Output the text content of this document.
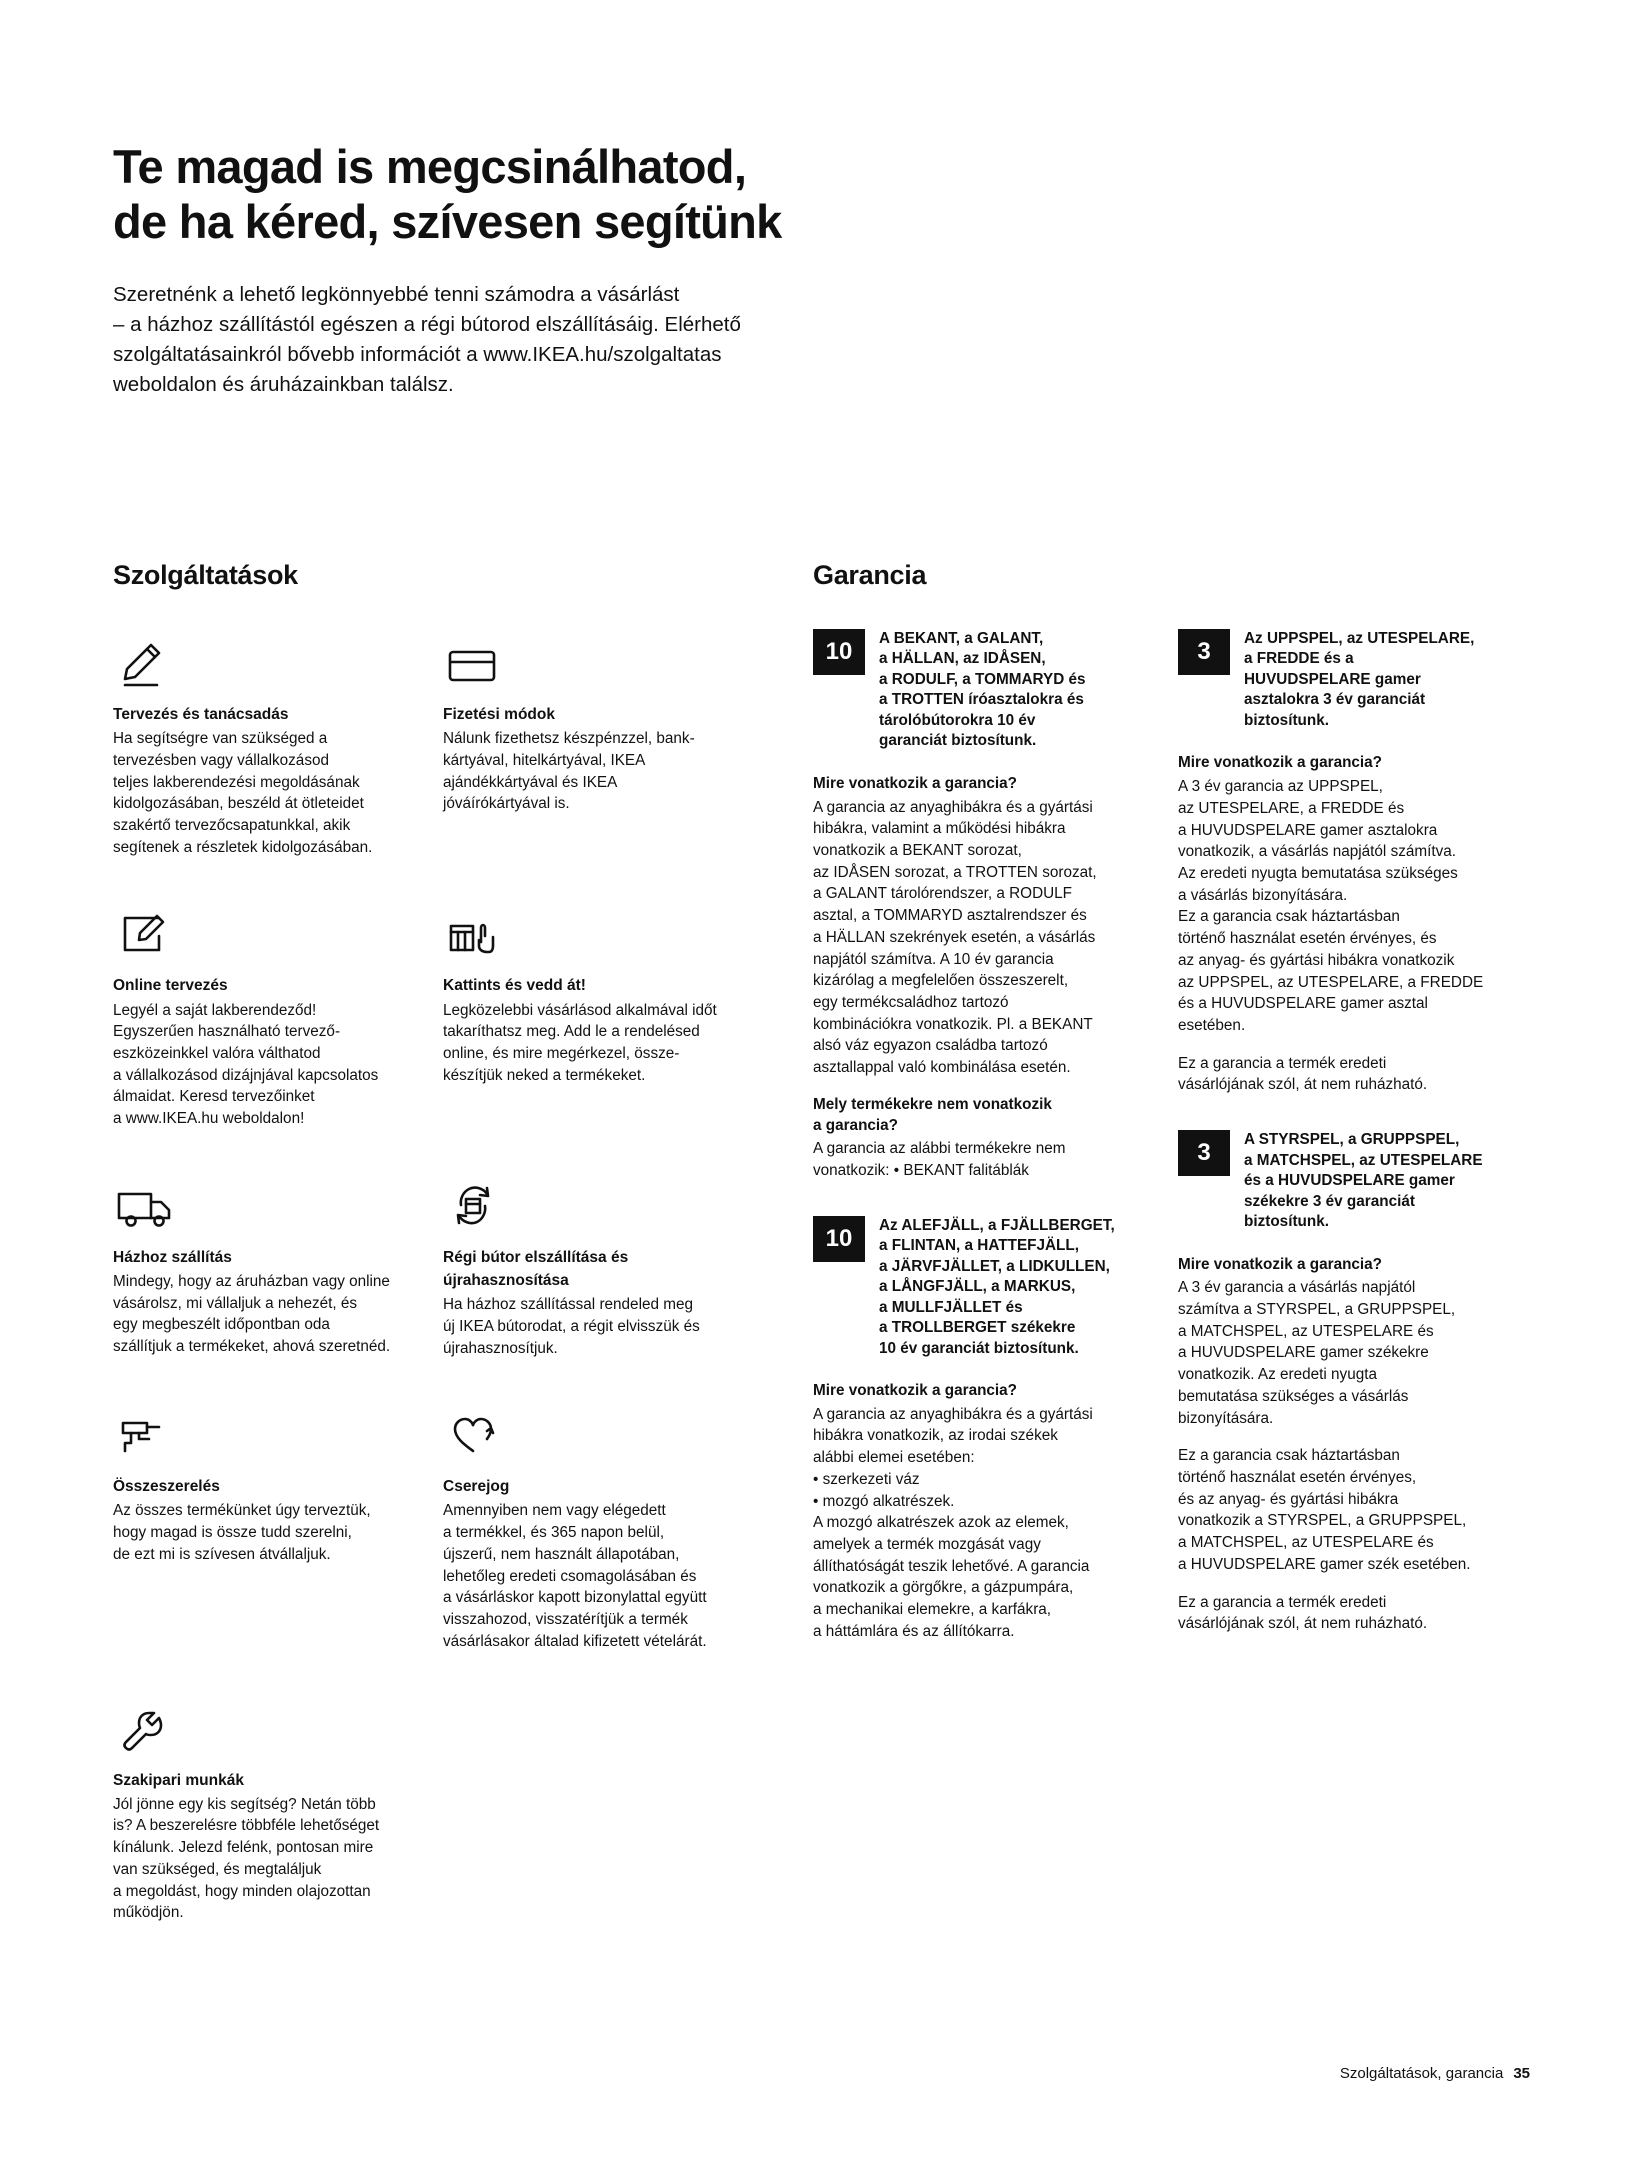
Te magad is megcsinálhatod,
de ha kéred, szívesen segítünk

Szeretnénk a lehető legkönnyebbé tenni számodra a vásárlást
– a házhoz szállítástól egészen a régi bútorod elszállításáig. Elérhető
szolgáltatásainkról bővebb információt a www.IKEA.hu/szolgaltatas
weboldalon és áruházainkban találsz.

Szolgáltatások

Tervezés és tanácsadás

Ha segítségre van szükséged a
tervezésben vagy vállalkozásod
teljes lakberendezési megoldásának
kidolgozásában, beszéld át ötleteidet
szakértő tervezőcsapatunkkal, akik
segítenek a részletek kidolgozásában.

Fizetési módok

Nálunk fizethetsz készpénzzel, bank-
kártyával, hitelkártyával, IKEA
ajándékkártyával és IKEA
jóváírókártyával is.

Online tervezés

Legyél a saját lakberendeződ!
Egyszerűen használható tervező-
eszközeinkkel valóra válthatod
a vállalkozásod dizájnjával kapcsolatos
álmaidat. Keresd tervezőinket
a www.IKEA.hu weboldalon!

Kattints és vedd át!

Legközelebbi vásárlásod alkalmával időt
takaríthatsz meg. Add le a rendelésed
online, és mire megérkezel, össze-
készítjük neked a termékeket.

Házhoz szállítás

Mindegy, hogy az áruházban vagy online
vásárolsz, mi vállaljuk a nehezét, és
egy megbeszélt időpontban oda
szállítjuk a termékeket, ahová szeretnéd.

Régi bútor elszállítása és

újrahasznosítása

Ha házhoz szállítással rendeled meg
új IKEA bútorodat, a régit elvisszük és
újrahasznosítjuk.

Összeszerelés

Az összes termékünket úgy terveztük,
hogy magad is össze tudd szerelni,
de ezt mi is szívesen átvállaljuk.

Cserejog

Amennyiben nem vagy elégedett
a termékkel, és 365 napon belül,
újszerű, nem használt állapotában,
lehetőleg eredeti csomagolásában és
a vásárláskor kapott bizonylattal együtt
visszahozod, visszatérítjük a termék
vásárlásakor általad kifizetett vételárát.

Szakipari munkák

Jól jönne egy kis segítség? Netán több
is? A beszerelésre többféle lehetőséget
kínálunk. Jelezd felénk, pontosan mire
van szükséged, és megtaláljuk
a megoldást, hogy minden olajozottan
működjön.

Garancia
10	A BEKANT, a GALANT,
a HÄLLAN, az IDÅSEN,
a RODULF, a TOMMARYD és
a TROTTEN íróasztalokra és
tárolóbútorokra 10 év
garanciát biztosítunk.

Mire vonatkozik a garancia?

A garancia az anyaghibákra és a gyártási
hibákra, valamint a működési hibákra
vonatkozik a BEKANT sorozat,
az IDÅSEN sorozat, a TROTTEN sorozat,
a GALANT tárolórendszer, a RODULF
asztal, a TOMMARYD asztalrendszer és
a HÄLLAN szekrények esetén, a vásárlás
napjától számítva. A 10 év garancia
kizárólag a megfelelően összeszerelt,
egy termékcsaládhoz tartozó
kombinációkra vonatkozik. Pl. a BEKANT
alsó váz egyazon családba tartozó
asztallappal való kombinálása esetén.

Mely termékekre nem vonatkozik
a garancia?

A garancia az alábbi termékekre nem
vonatkozik: • BEKANT falitáblák

10	Az ALEFJÄLL, a FJÄLLBERGET,
a FLINTAN, a HATTEFJÄLL,
a JÄRVFJÄLLET, a LIDKULLEN,
a LÅNGFJÄLL, a MARKUS,
a MULLFJÄLLET és
a TROLLBERGET székekre
10 év garanciát biztosítunk.

Mire vonatkozik a garancia?

A garancia az anyaghibákra és a gyártási
hibákra vonatkozik, az irodai székek
alábbi elemei esetében:
• szerkezeti váz
• mozgó alkatrészek.
A mozgó alkatrészek azok az elemek,
amelyek a termék mozgását vagy
állíthatóságát teszik lehetővé. A garancia
vonatkozik a görgőkre, a gázpumpára,
a mechanikai elemekre, a karfákra,
a háttámlára és az állítókarra.

3	Az UPPSPEL, az UTESPELARE,
a FREDDE és a
HUVUDSPELARE gamer
asztalokra 3 év garanciát
biztosítunk.

Mire vonatkozik a garancia?

A 3 év garancia az UPPSPEL,
az UTESPELARE, a FREDDE és
a HUVUDSPELARE gamer asztalokra
vonatkozik, a vásárlás napjától számítva.
Az eredeti nyugta bemutatása szükséges
a vásárlás bizonyítására.
Ez a garancia csak háztartásban
történő használat esetén érvényes, és
az anyag- és gyártási hibákra vonatkozik
az UPPSPEL, az UTESPELARE, a FREDDE
és a HUVUDSPELARE gamer asztal
esetében.

Ez a garancia a termék eredeti
vásárlójának szól, át nem ruházható.

3	A STYRSPEL, a GRUPPSPEL,
a MATCHSPEL, az UTESPELARE
és a HUVUDSPELARE gamer
székekre 3 év garanciát
biztosítunk.

Mire vonatkozik a garancia?

A 3 év garancia a vásárlás napjától
számítva a STYRSPEL, a GRUPPSPEL,
a MATCHSPEL, az UTESPELARE és
a HUVUDSPELARE gamer székekre
vonatkozik. Az eredeti nyugta
bemutatása szükséges a vásárlás
bizonyítására.

Ez a garancia csak háztartásban
történő használat esetén érvényes,
és az anyag- és gyártási hibákra
vonatkozik a STYRSPEL, a GRUPPSPEL,
a MATCHSPEL, az UTESPELARE és
a HUVUDSPELARE gamer szék esetében.

Ez a garancia a termék eredeti
vásárlójának szól, át nem ruházható.

Szolgáltatások, garancia 35
